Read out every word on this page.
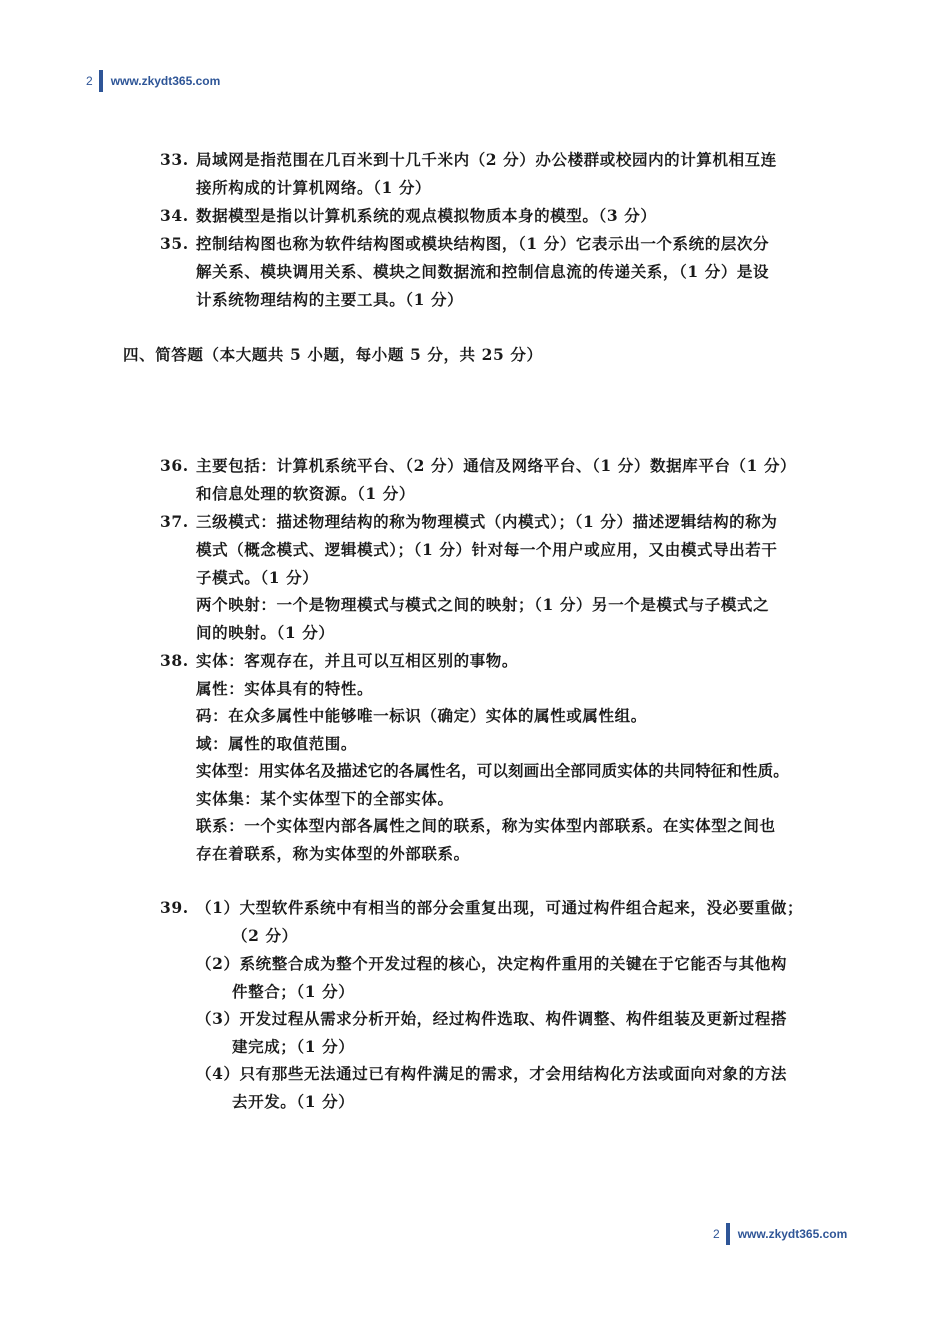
2 www.zkydt365.com
33. 局域网是指范围在几百米到十几千米内（2 分）办公楼群或校园内的计算机相互连
接所构成的计算机网络。（1 分）
34. 数据模型是指以计算机系统的观点模拟物质本身的模型。（3 分）
35. 控制结构图也称为软件结构图或模块结构图，（1 分）它表示出一个系统的层次分
解关系、模块调用关系、模块之间数据流和控制信息流的传递关系，（1 分）是设
计系统物理结构的主要工具。（1 分）
四、简答题（本大题共 5 小题，每小题 5 分，共 25 分）
36. 主要包括：计算机系统平台、（2 分）通信及网络平台、（1 分）数据库平台（1 分）
和信息处理的软资源。（1 分）
37. 三级模式：描述物理结构的称为物理模式（内模式）；（1 分）描述逻辑结构的称为
模式（概念模式、逻辑模式）；（1 分）针对每一个用户或应用，又由模式导出若干
子模式。（1 分）
两个映射：一个是物理模式与模式之间的映射；（1 分）另一个是模式与子模式之
间的映射。（1 分）
38. 实体：客观存在，并且可以互相区别的事物。
属性：实体具有的特性。
码：在众多属性中能够唯一标识（确定）实体的属性或属性组。
域：属性的取值范围。
实体型：用实体名及描述它的各属性名，可以刻画出全部同质实体的共同特征和性质。
实体集：某个实体型下的全部实体。
联系：一个实体型内部各属性之间的联系，称为实体型内部联系。在实体型之间也
存在着联系，称为实体型的外部联系。
39. （1）大型软件系统中有相当的部分会重复出现，可通过构件组合起来，没必要重做；
（2 分）
（2）系统整合成为整个开发过程的核心，决定构件重用的关键在于它能否与其他构
件整合；（1 分）
（3）开发过程从需求分析开始，经过构件选取、构件调整、构件组装及更新过程搭
建完成；（1 分）
（4）只有那些无法通过已有构件满足的需求，才会用结构化方法或面向对象的方法
去开发。（1 分）
2 www.zkydt365.com
